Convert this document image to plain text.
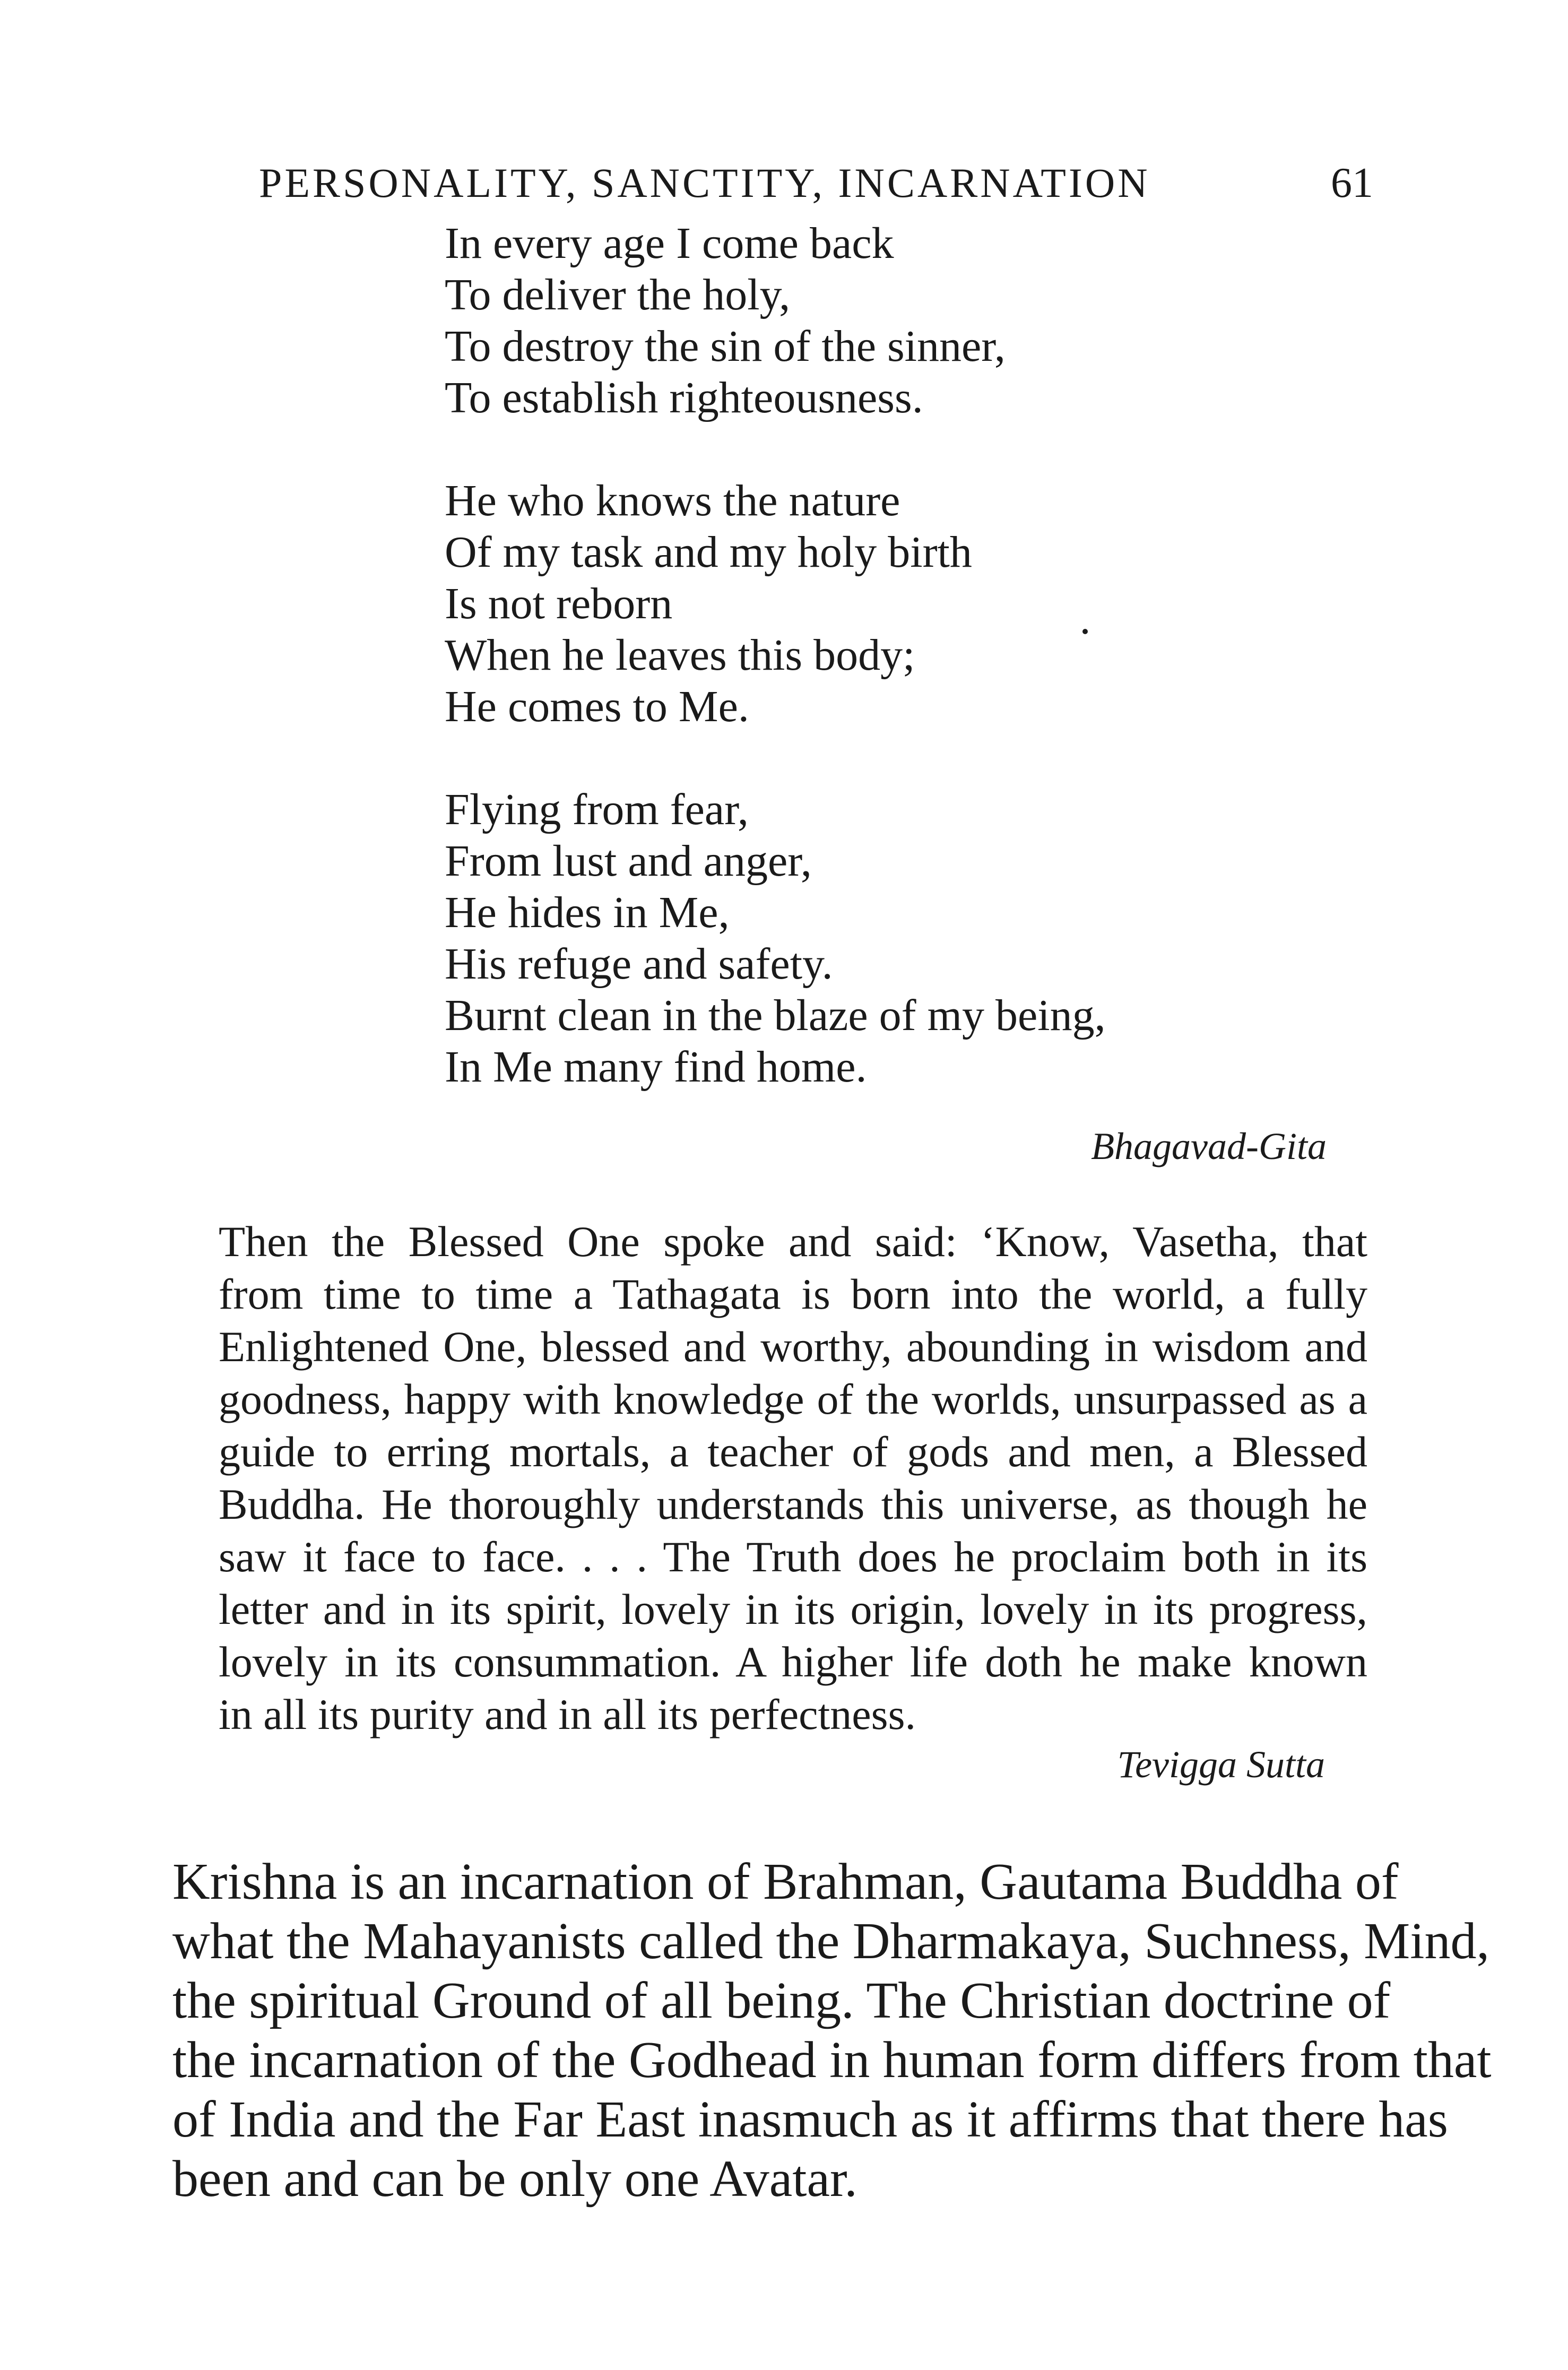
PERSONALITY, SANCTITY, INCARNATION	61
In every age I come back
To deliver the holy,
To destroy the sin of the sinner,
To establish righteousness.
He who knows the nature
Of my task and my holy birth
Is not reborn
When he leaves this body;
He comes to Me.
Flying from fear,
From lust and anger,
He hides in Me,
His refuge and safety.
Burnt clean in the blaze of my being,
In Me many find home.
Bhagavad-Gita
Then the Blessed One spoke and said: ‘Know, Vasetha, that
from time to time a Tathagata is born into the world, a fully
Enlightened One, blessed and worthy, abounding in wisdom and
goodness, happy with knowledge of the worlds, unsurpassed as a
guide to erring mortals, a teacher of gods and men, a Blessed
Buddha. He thoroughly understands this universe, as though he
saw it face to face. . . . The Truth does he proclaim both in its
letter and in its spirit, lovely in its origin, lovely in its progress,
lovely in its consummation. A higher life doth he make known
in all its purity and in all its perfectness.
Tevigga Sutta
Krishna is an incarnation of Brahman, Gautama Buddha of
what the Mahayanists called the Dharmakaya, Suchness, Mind,
the spiritual Ground of all being. The Christian doctrine of
the incarnation of the Godhead in human form differs from that
of India and the Far East inasmuch as it affirms that there has
been and can be only one Avatar.
